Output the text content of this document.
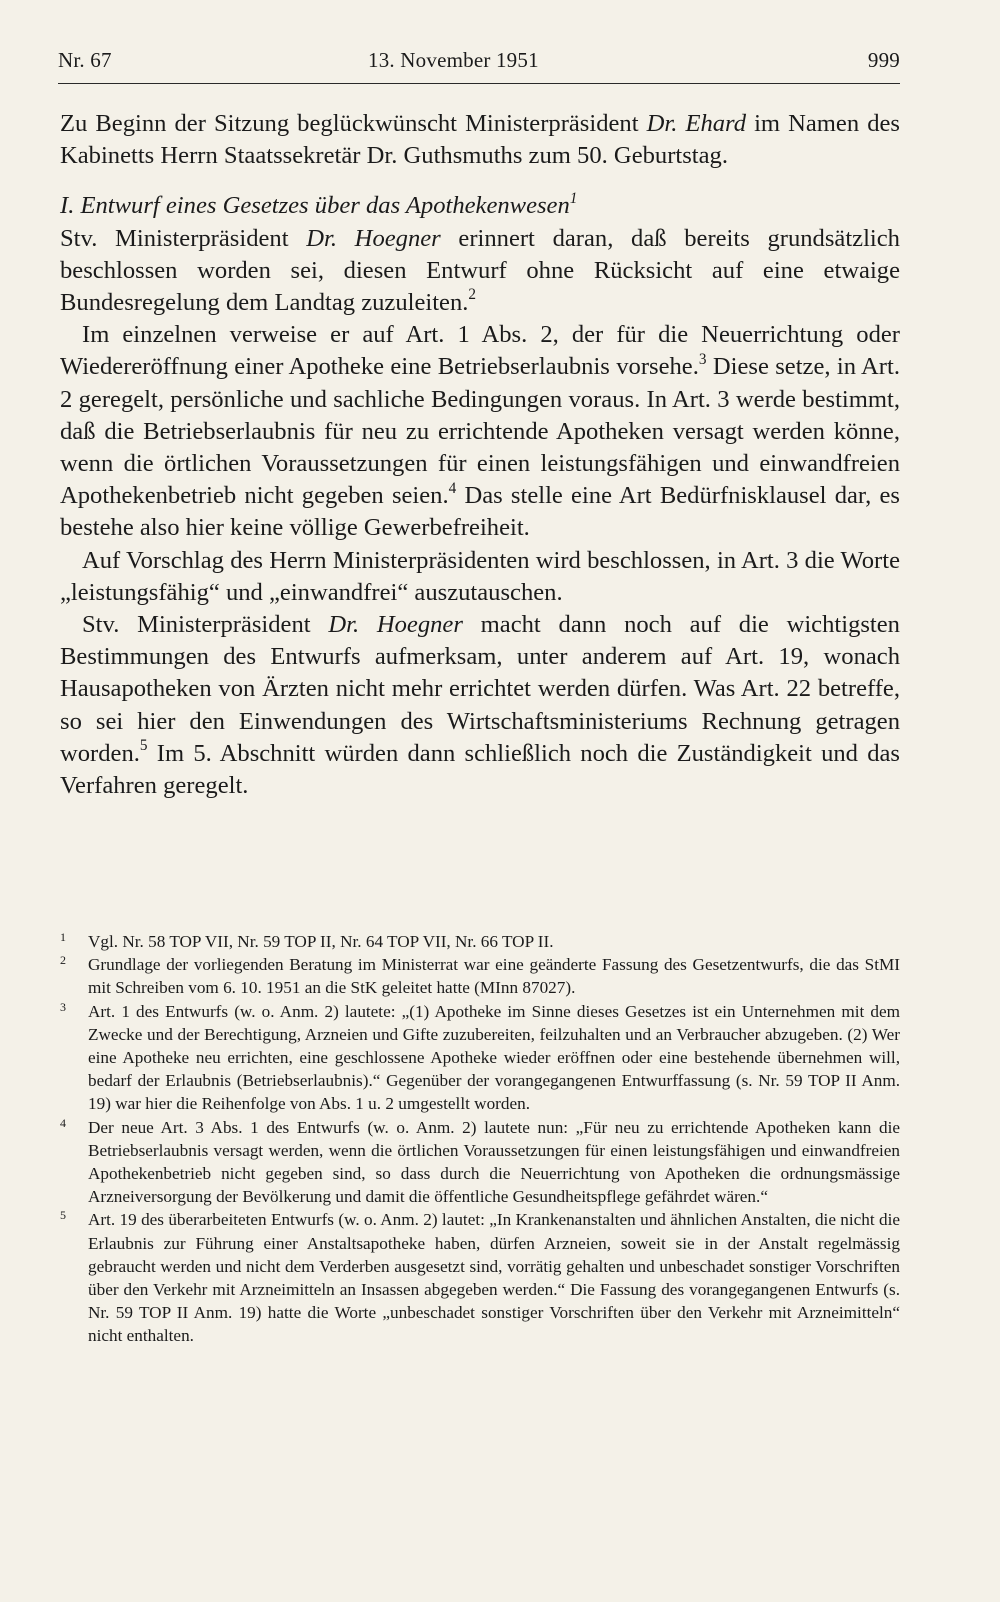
Nr. 67	13. November 1951	999

Zu Beginn der Sitzung beglückwünscht Ministerpräsident Dr. Ehard im Namen des Kabinetts Herrn Staatssekretär Dr. Guthsmuths zum 50. Geburtstag.

I. Entwurf eines Gesetzes über das Apothekenwesen$^1$

Stv. Ministerpräsident Dr. Hoegner erinnert daran, daß bereits grundsätzlich beschlossen worden sei, diesen Entwurf ohne Rücksicht auf eine etwaige Bundesregelung dem Landtag zuzuleiten.$^2$

Im einzelnen verweise er auf Art. 1 Abs. 2, der für die Neuerrichtung oder Wiedereröffnung einer Apotheke eine Betriebserlaubnis vorsehe.$^3$ Diese setze, in Art. 2 geregelt, persönliche und sachliche Bedingungen voraus. In Art. 3 werde bestimmt, daß die Betriebserlaubnis für neu zu errichtende Apotheken versagt werden könne, wenn die örtlichen Voraussetzungen für einen leistungsfähigen und einwandfreien Apothekenbetrieb nicht gegeben seien.$^4$ Das stelle eine Art Bedürfnisklausel dar, es bestehe also hier keine völlige Gewerbefreiheit.

Auf Vorschlag des Herrn Ministerpräsidenten wird beschlossen, in Art. 3 die Worte „leistungsfähig“ und „einwandfrei“ auszutauschen.

Stv. Ministerpräsident Dr. Hoegner macht dann noch auf die wichtigsten Bestimmungen des Entwurfs aufmerksam, unter anderem auf Art. 19, wonach Hausapotheken von Ärzten nicht mehr errichtet werden dürfen. Was Art. 22 betreffe, so sei hier den Einwendungen des Wirtschaftsministeriums Rechnung getragen worden.$^5$ Im 5. Abschnitt würden dann schließlich noch die Zuständigkeit und das Verfahren geregelt.

1 Vgl. Nr. 58 TOP VII, Nr. 59 TOP II, Nr. 64 TOP VII, Nr. 66 TOP II.
2 Grundlage der vorliegenden Beratung im Ministerrat war eine geänderte Fassung des Gesetzentwurfs, die das StMI mit Schreiben vom 6. 10. 1951 an die StK geleitet hatte (MInn 87027).
3 Art. 1 des Entwurfs (w. o. Anm. 2) lautete: „(1) Apotheke im Sinne dieses Gesetzes ist ein Unternehmen mit dem Zwecke und der Berechtigung, Arzneien und Gifte zuzubereiten, feilzuhalten und an Verbraucher abzugeben. (2) Wer eine Apotheke neu errichten, eine geschlossene Apotheke wieder eröffnen oder eine bestehende übernehmen will, bedarf der Erlaubnis (Betriebserlaubnis).“ Gegenüber der vorangegangenen Entwurffassung (s. Nr. 59 TOP II Anm. 19) war hier die Reihenfolge von Abs. 1 u. 2 umgestellt worden.
4 Der neue Art. 3 Abs. 1 des Entwurfs (w. o. Anm. 2) lautete nun: „Für neu zu errichtende Apotheken kann die Betriebserlaubnis versagt werden, wenn die örtlichen Voraussetzungen für einen leistungsfähigen und einwandfreien Apothekenbetrieb nicht gegeben sind, so dass durch die Neuerrichtung von Apotheken die ordnungsmässige Arzneiversorgung der Bevölkerung und damit die öffentliche Gesundheitspflege gefährdet wären.“
5 Art. 19 des überarbeiteten Entwurfs (w. o. Anm. 2) lautet: „In Krankenanstalten und ähnlichen Anstalten, die nicht die Erlaubnis zur Führung einer Anstaltsapotheke haben, dürfen Arzneien, soweit sie in der Anstalt regelmässig gebraucht werden und nicht dem Verderben ausgesetzt sind, vorrätig gehalten und unbeschadet sonstiger Vorschriften über den Verkehr mit Arzneimitteln an Insassen abgegeben werden.“ Die Fassung des vorangegangenen Entwurfs (s. Nr. 59 TOP II Anm. 19) hatte die Worte „unbeschadet sonstiger Vorschriften über den Verkehr mit Arzneimitteln“ nicht enthalten.
